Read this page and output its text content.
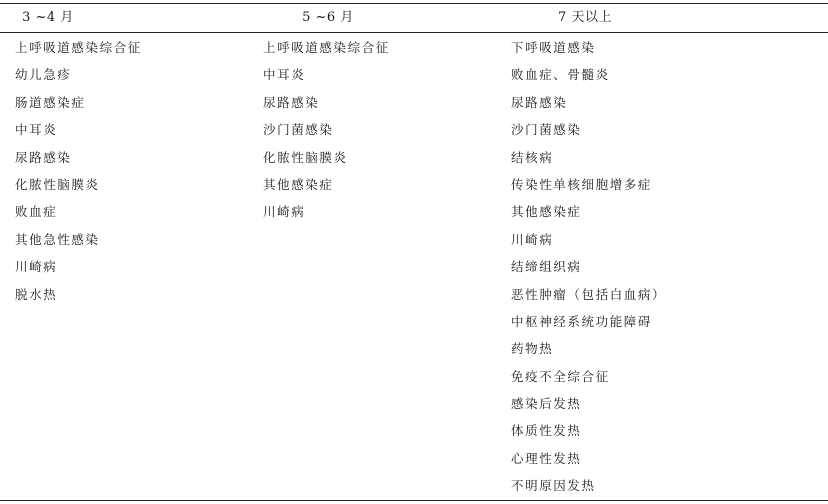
3 ~4 月	5 ~6 月	7 天以上
上呼吸道感染综合征
幼儿急疹
肠道感染症
中耳炎
尿路感染
化脓性脑膜炎
败血症
其他急性感染
川崎病
脱水热
上呼吸道感染综合征
中耳炎
尿路感染
沙门菌感染
化脓性脑膜炎
其他感染症
川崎病
下呼吸道感染
败血症、骨髓炎
尿路感染
沙门菌感染
结核病
传染性单核细胞增多症
其他感染症
川崎病
结缔组织病
恶性肿瘤（包括白血病）
中枢神经系统功能障碍
药物热
免疫不全综合征
感染后发热
体质性发热
心理性发热
不明原因发热
